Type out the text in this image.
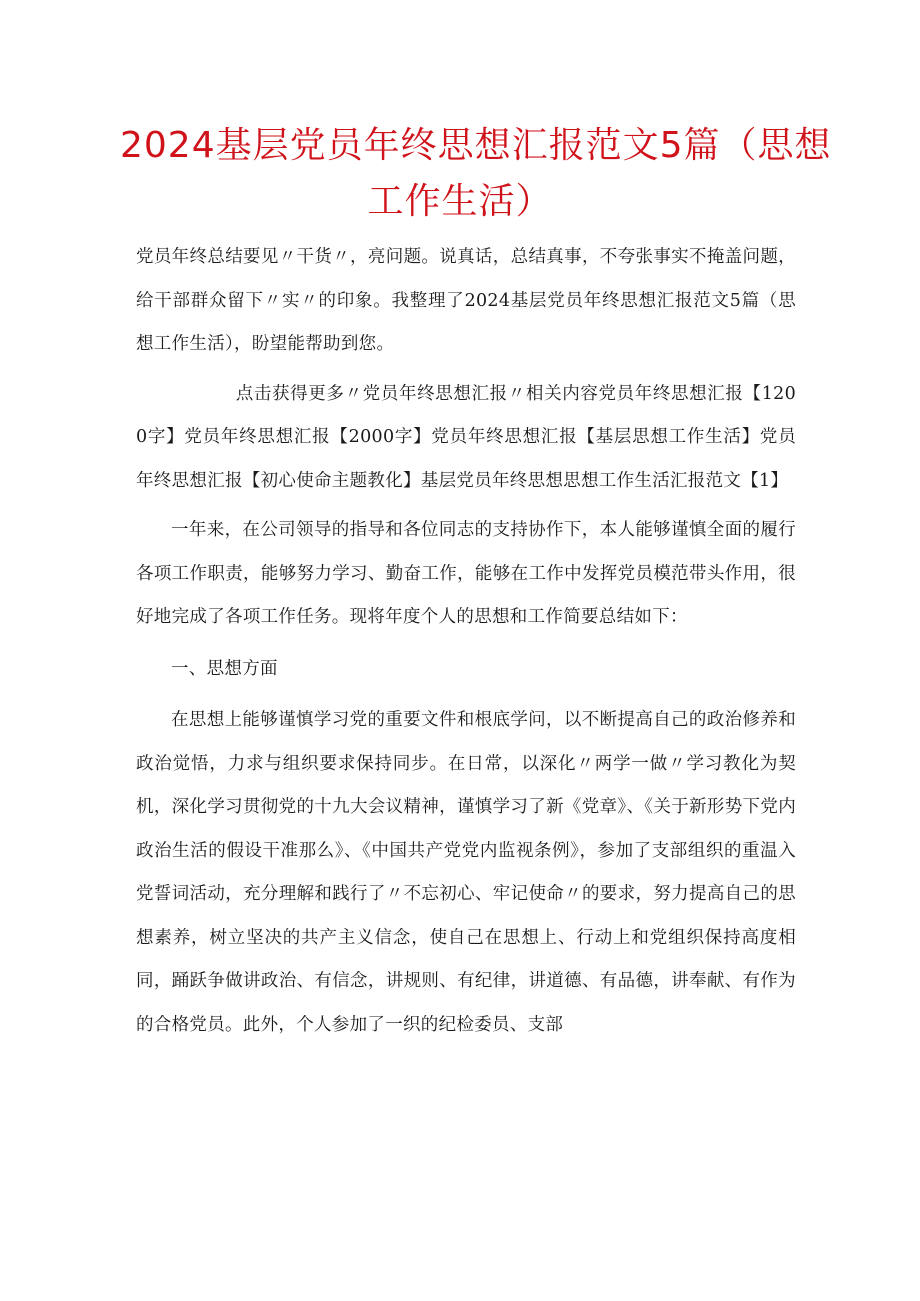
2024基层党员年终思想汇报范文5篇（思想
工作生活）

党员年终总结要见〃干货〃，亮问题。说真话，总结真事，不夸张事实不掩盖问题，给干部群众留下〃实〃的印象。我整理了2024基层党员年终思想汇报范文5篇（思想工作生活），盼望能帮助到您。

点击获得更多〃党员年终思想汇报〃相关内容党员年终思想汇报【1200字】党员年终思想汇报【2000字】党员年终思想汇报【基层思想工作生活】党员年终思想汇报【初心使命主题教化】基层党员年终思想思想工作生活汇报范文【1】

一年来，在公司领导的指导和各位同志的支持协作下，本人能够谨慎全面的履行各项工作职责，能够努力学习、勤奋工作，能够在工作中发挥党员模范带头作用，很好地完成了各项工作任务。现将年度个人的思想和工作简要总结如下：

一、思想方面

在思想上能够谨慎学习党的重要文件和根底学问，以不断提高自己的政治修养和政治觉悟，力求与组织要求保持同步。在日常，以深化〃两学一做〃学习教化为契机，深化学习贯彻党的十九大会议精神，谨慎学习了新《党章》、《关于新形势下党内政治生活的假设干准那么》、《中国共产党党内监视条例》，参加了支部组织的重温入党誓词活动，充分理解和践行了〃不忘初心、牢记使命〃的要求，努力提高自己的思想素养，树立坚决的共产主义信念，使自己在思想上、行动上和党组织保持高度相同，踊跃争做讲政治、有信念，讲规则、有纪律，讲道德、有品德，讲奉献、有作为的合格党员。此外，个人参加了一织的纪检委员、支部
